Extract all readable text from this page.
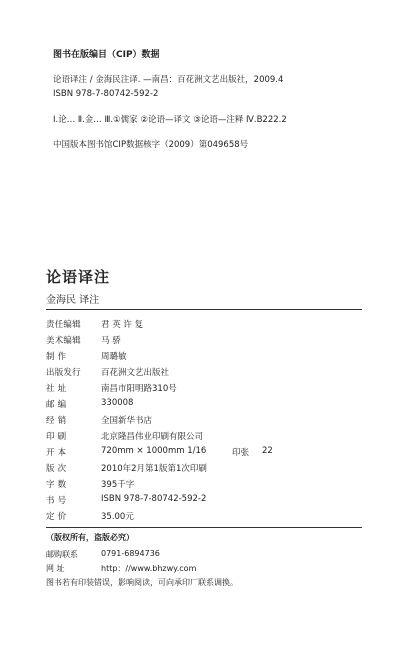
图书在版编目（CIP）数据
论语译注 / 金海民注译. —南昌：百花洲文艺出版社，2009.4
ISBN 978-7-80742-592-2
Ⅰ.论… Ⅱ.金… Ⅲ.①儒家 ②论语—译文 ③论语—注释 Ⅳ.B222.2
中国版本图书馆CIP数据核字（2009）第049658号
论语译注
金海民 译注
责任编辑 君 英 许 复
美术编辑 马 骄
制 作	周璐敏
出版发行 百花洲文艺出版社
社 址	南昌市阳明路310号
邮 编	330008
经 销	全国新华书店
印 刷	北京隆昌伟业印刷有限公司
开 本	720mm × 1000mm 1/16	印张 22
版 次	2010年2月第1版第1次印刷
字 数	395千字
书 号	ISBN 978-7-80742-592-2
定 价	35.00元
（版权所有，盗版必究）
邮购联系	0791-6894736
网 址	http：//www.bhzwy.com
图书若有印装错误，影响阅读，可向承印厂联系调换。
